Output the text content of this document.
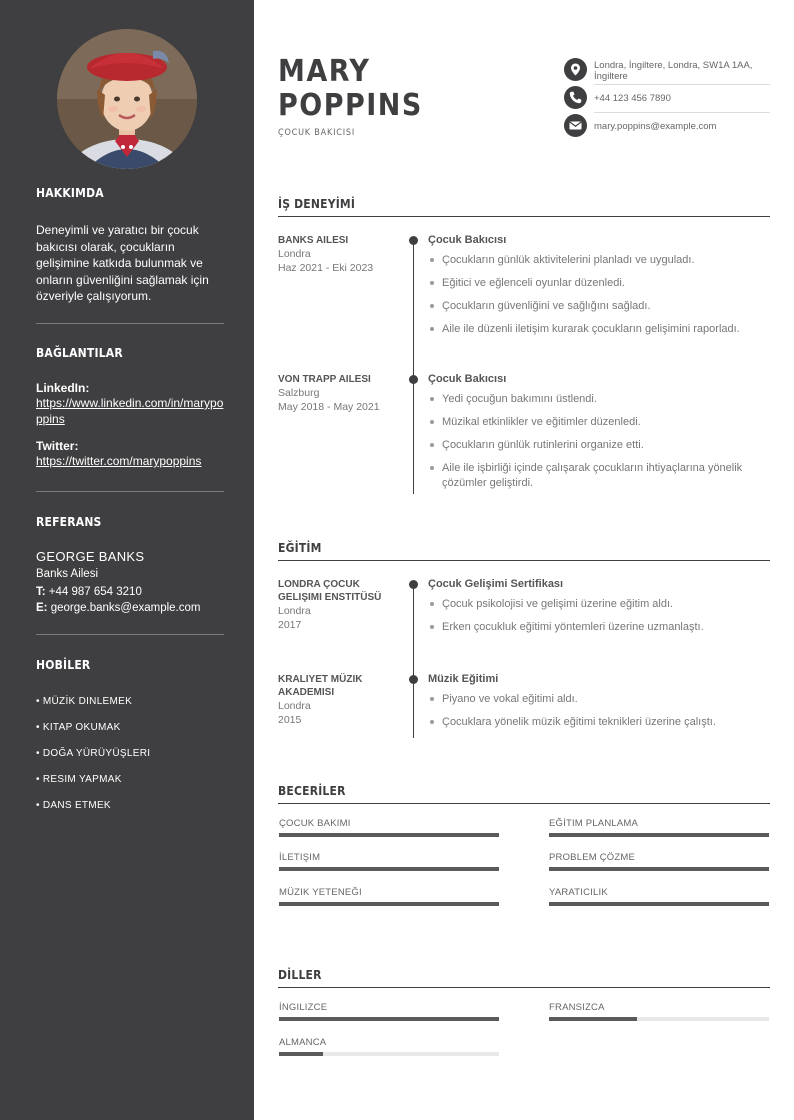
HAKKIMDA
Deneyimli ve yaratıcı bir çocuk bakıcısı olarak, çocukların gelişimine katkıda bulunmak ve onların güvenliğini sağlamak için özveriyle çalışıyorum.
BAĞLANTILAR
LinkedIn:
https://www.linkedin.com/in/marypoppins
Twitter:
https://twitter.com/marypoppins
REFERANS
GEORGE BANKS
Banks Ailesi
T: +44 987 654 3210
E: george.banks@example.com
HOBİLER
• MÜZİK DINLEMEK
• KITAP OKUMAK
• DOĞA YÜRÜYÜŞLERI
• RESIM YAPMAK
• DANS ETMEK
MARY
POPPINS
ÇOCUK BAKICISI
Londra, İngiltere, Londra, SW1A 1AA, İngiltere
+44 123 456 7890
mary.poppins@example.com
İŞ DENEYİMİ
BANKS AILESI
Londra
Haz 2021 - Eki 2023
Çocuk Bakıcısı
Çocukların günlük aktivitelerini planladı ve uyguladı.
Eğitici ve eğlenceli oyunlar düzenledi.
Çocukların güvenliğini ve sağlığını sağladı.
Aile ile düzenli iletişim kurarak çocukların gelişimini raporladı.
VON TRAPP AILESI
Salzburg
May 2018 - May 2021
Çocuk Bakıcısı
Yedi çocuğun bakımını üstlendi.
Müzikal etkinlikler ve eğitimler düzenledi.
Çocukların günlük rutinlerini organize etti.
Aile ile işbirliği içinde çalışarak çocukların ihtiyaçlarına yönelik çözümler geliştirdi.
EĞİTİM
LONDRA ÇOCUK GELIŞIMI ENSTITÜSÜ
Londra
2017
Çocuk Gelişimi Sertifikası
Çocuk psikolojisi ve gelişimi üzerine eğitim aldı.
Erken çocukluk eğitimi yöntemleri üzerine uzmanlaştı.
KRALIYET MÜZIK AKADEMISI
Londra
2015
Müzik Eğitimi
Piyano ve vokal eğitimi aldı.
Çocuklara yönelik müzik eğitimi teknikleri üzerine çalıştı.
BECERİLER
ÇOCUK BAKIMI	EĞİTIM PLANLAMA
İLETIŞIM	PROBLEM ÇÖZME
MÜZIK YETENEĞI	YARATICILIK
DİLLER
İNGILIZCE	FRANSIZCA
ALMANCA
